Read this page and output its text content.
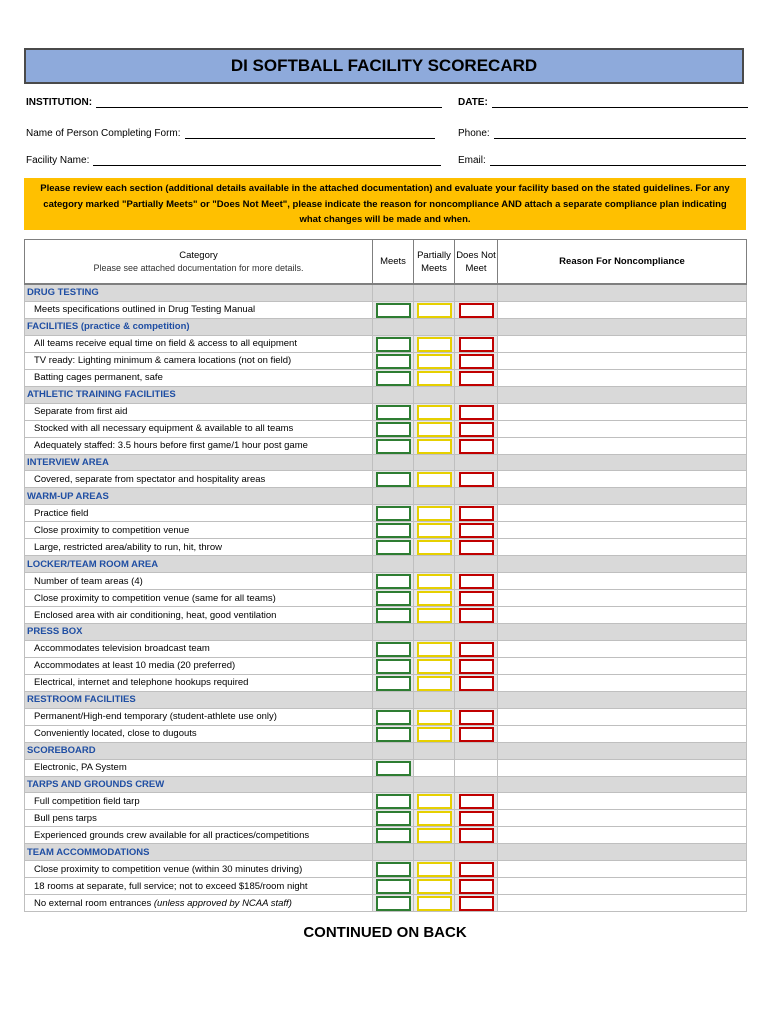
DI SOFTBALL FACILITY SCORECARD
INSTITUTION:	DATE:
Name of Person Completing Form:	Phone:
Facility Name:	Email:
Please review each section (additional details available in the attached documentation) and evaluate your facility based on the stated guidelines. For any category marked "Partially Meets" or "Does Not Meet", please indicate the reason for noncompliance AND attach a separate compliance plan indicating what changes will be made and when.
Category
Please see attached documentation for more details.	Meets	Partially Meets	Does Not Meet	Reason For Noncompliance
DRUG TESTING				
Meets specifications outlined in Drug Testing Manual	

FACILITIES (practice & competition)				
All teams receive equal time on field & access to all equipment	

TV ready: Lighting minimum & camera locations (not on field)	

Batting cages permanent, safe	

ATHLETIC TRAINING FACILITIES				
Separate from first aid	

Stocked with all necessary equipment & available to all teams	

Adequately staffed: 3.5 hours before first game/1 hour post game	

INTERVIEW AREA				
Covered, separate from spectator and hospitality areas	

WARM-UP AREAS				
Practice field	

Close proximity to competition venue	

Large, restricted area/ability to run, hit, throw	

LOCKER/TEAM ROOM AREA				
Number of team areas (4)	

Close proximity to competition venue (same for all teams)	

Enclosed area with air conditioning, heat, good ventilation	

PRESS BOX				
Accommodates television broadcast team	

Accommodates at least 10 media (20 preferred)	

Electrical, internet and telephone hookups required	

RESTROOM FACILITIES				
Permanent/High-end temporary (student-athlete use only)	

Conveniently located, close to dugouts	

SCOREBOARD				
Electronic, PA System	

TARPS AND GROUNDS CREW				
Full competition field tarp	

Bull pens tarps	

Experienced grounds crew available for all practices/competitions	

TEAM ACCOMMODATIONS				
Close proximity to competition venue (within 30 minutes driving)	

18 rooms at separate, full service; not to exceed $185/room night	

No external room entrances (unless approved by NCAA staff)	

CONTINUED ON BACK
